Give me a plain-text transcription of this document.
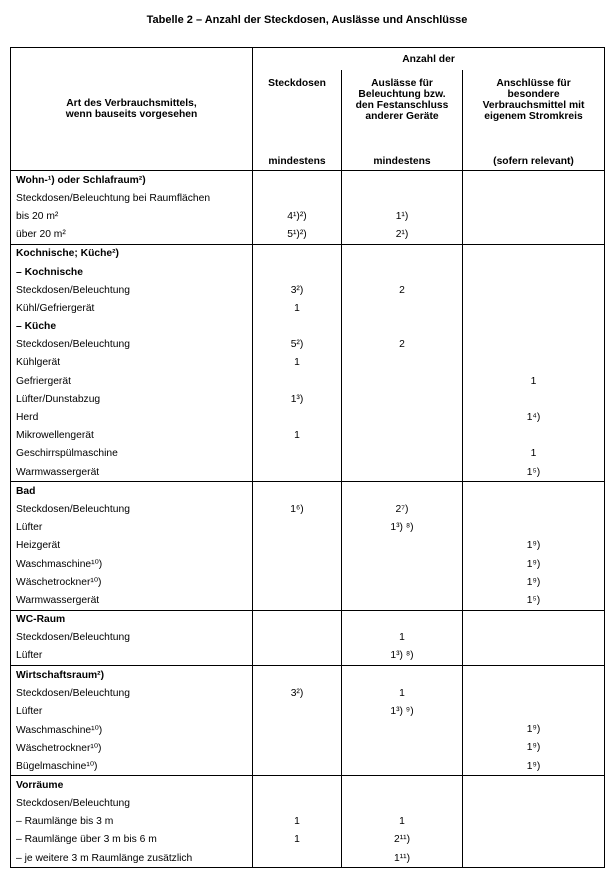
Tabelle 2 – Anzahl der Steckdosen, Auslässe und Anschlüsse
Art des Verbrauchsmittels,
wenn bauseits vorgesehen	Anzahl der		
	Steckdosen	Auslässe für
Beleuchtung bzw.
den Festanschluss
anderer Geräte	Anschlüsse für
besondere
Verbrauchsmittel mit
eigenem Stromkreis
	mindestens	mindestens	(sofern relevant)
Wohn-¹) oder Schlafraum²)			
Steckdosen/Beleuchtung bei Raumflächen			
bis 20 m²	4¹)²)	1¹)	
über 20 m²	5¹)²)	2¹)	
Kochnische; Küche²)			
– Kochnische			
Steckdosen/Beleuchtung	3²)	2	
Kühl/Gefriergerät	1		
– Küche			
Steckdosen/Beleuchtung	5²)	2	
Kühlgerät	1		
Gefriergerät			1
Lüfter/Dunstabzug	1³)		
Herd			1⁴)
Mikrowellengerät	1		
Geschirrspülmaschine			1
Warmwassergerät			1⁵)
Bad			
Steckdosen/Beleuchtung	1⁶)	2⁷)	
Lüfter		1³) ⁸)	
Heizgerät			1⁹)
Waschmaschine¹⁰)			1⁹)
Wäschetrockner¹⁰)			1⁹)
Warmwassergerät			1⁵)
WC-Raum			
Steckdosen/Beleuchtung		1	
Lüfter		1³) ⁸)	
Wirtschaftsraum²)			
Steckdosen/Beleuchtung	3²)	1	
Lüfter		1³) ⁹)	
Waschmaschine¹⁰)			1⁹)
Wäschetrockner¹⁰)			1⁹)
Bügelmaschine¹⁰)			1⁹)
Vorräume			
Steckdosen/Beleuchtung			
– Raumlänge bis 3 m	1	1	
– Raumlänge über 3 m bis 6 m	1	2¹¹)	
– je weitere 3 m Raumlänge zusätzlich		1¹¹)	
